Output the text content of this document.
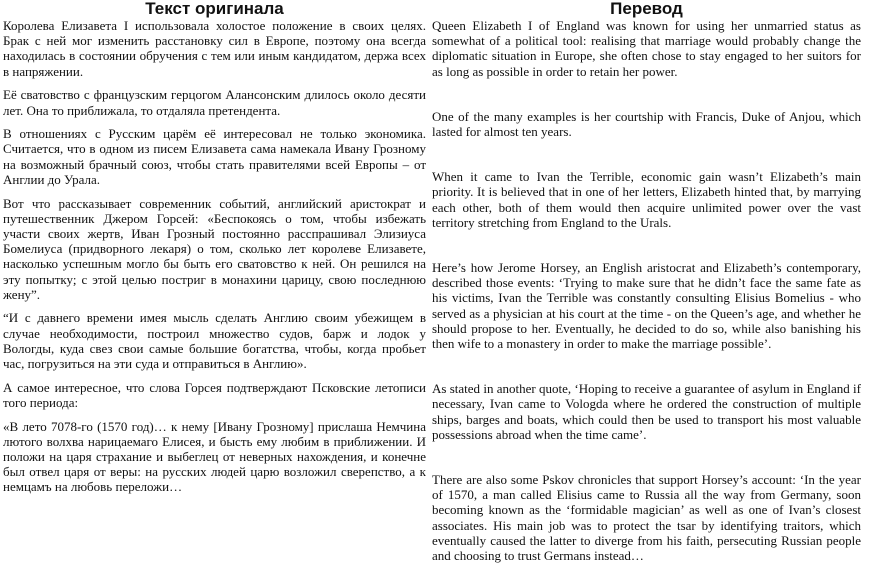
Текст оригинала

Королева Елизавета I использовала холостое положение в своих целях. Брак с ней мог изменить расстановку сил в Европе, поэтому она всегда находилась в состоянии обручения с тем или иным кандидатом, держа всех в напряжении.

Её сватовство с французским герцогом Алансонским длилось около десяти лет. Она то приближала, то отдаляла претендента.

В отношениях с Русским царём её интересовал не только экономика. Считается, что в одном из писем Елизавета сама намекала Ивану Грозному на возможный брачный союз, чтобы стать правителями всей Европы – от Англии до Урала.

Вот что рассказывает современник событий, английский аристократ и путешественник Джером Горсей: «Беспокоясь о том, чтобы избежать участи своих жертв, Иван Грозный постоянно расспрашивал Элизиуса Бомелиуса (придворного лекаря) о том, сколько лет королеве Елизавете, насколько успешным могло бы быть его сватовство к ней. Он решился на эту попытку; с этой целью постриг в монахини царицу, свою последнюю жену”.

“И с давнего времени имея мысль сделать Англию своим убежищем в случае необходимости, построил множество судов, барж и лодок у Вологды, куда свез свои самые большие богатства, чтобы, когда пробьет час, погрузиться на эти суда и отправиться в Англию».

А самое интересное, что слова Горсея подтверждают Псковские летописи того периода:

«В лето 7078-го (1570 год)… к нему [Ивану Грозному] прислаша Немчина лютого волхва нарицаемаго Елисея, и бысть ему любим в приближении. И положи на царя страхание и выбеглец от неверных нахождения, и конечне был отвел царя от веры: на русских людей царю возложил сверепство, а к немцамъ на любовь переложи…

Перевод

Queen Elizabeth I of England was known for using her unmarried status as somewhat of a political tool: realising that marriage would probably change the diplomatic situation in Europe, she often chose to stay engaged to her suitors for as long as possible in order to retain her power.

One of the many examples is her courtship with Francis, Duke of Anjou, which lasted for almost ten years.

When it came to Ivan the Terrible, economic gain wasn’t Elizabeth’s main priority. It is believed that in one of her letters, Elizabeth hinted that, by marrying each other, both of them would then acquire unlimited power over the vast territory stretching from England to the Urals.

Here’s how Jerome Horsey, an English aristocrat and Elizabeth’s contemporary, described those events: ‘Trying to make sure that he didn’t face the same fate as his victims, Ivan the Terrible was constantly consulting Elisius Bomelius - who served as a physician at his court at the time - on the Queen’s age, and whether he should propose to her. Eventually, he decided to do so, while also banishing his then wife to a monastery in order to make the marriage possible’.

As stated in another quote, ‘Hoping to receive a guarantee of asylum in England if necessary, Ivan came to Vologda where he ordered the construction of multiple ships, barges and boats, which could then be used to transport his most valuable possessions abroad when the time came’.

There are also some Pskov chronicles that support Horsey’s account: ‘In the year of 1570, a man called Elisius came to Russia all the way from Germany, soon becoming known as the ‘formidable magician’ as well as one of Ivan’s closest associates. His main job was to protect the tsar by identifying traitors, which eventually caused the latter to diverge from his faith, persecuting Russian people and choosing to trust Germans instead…
